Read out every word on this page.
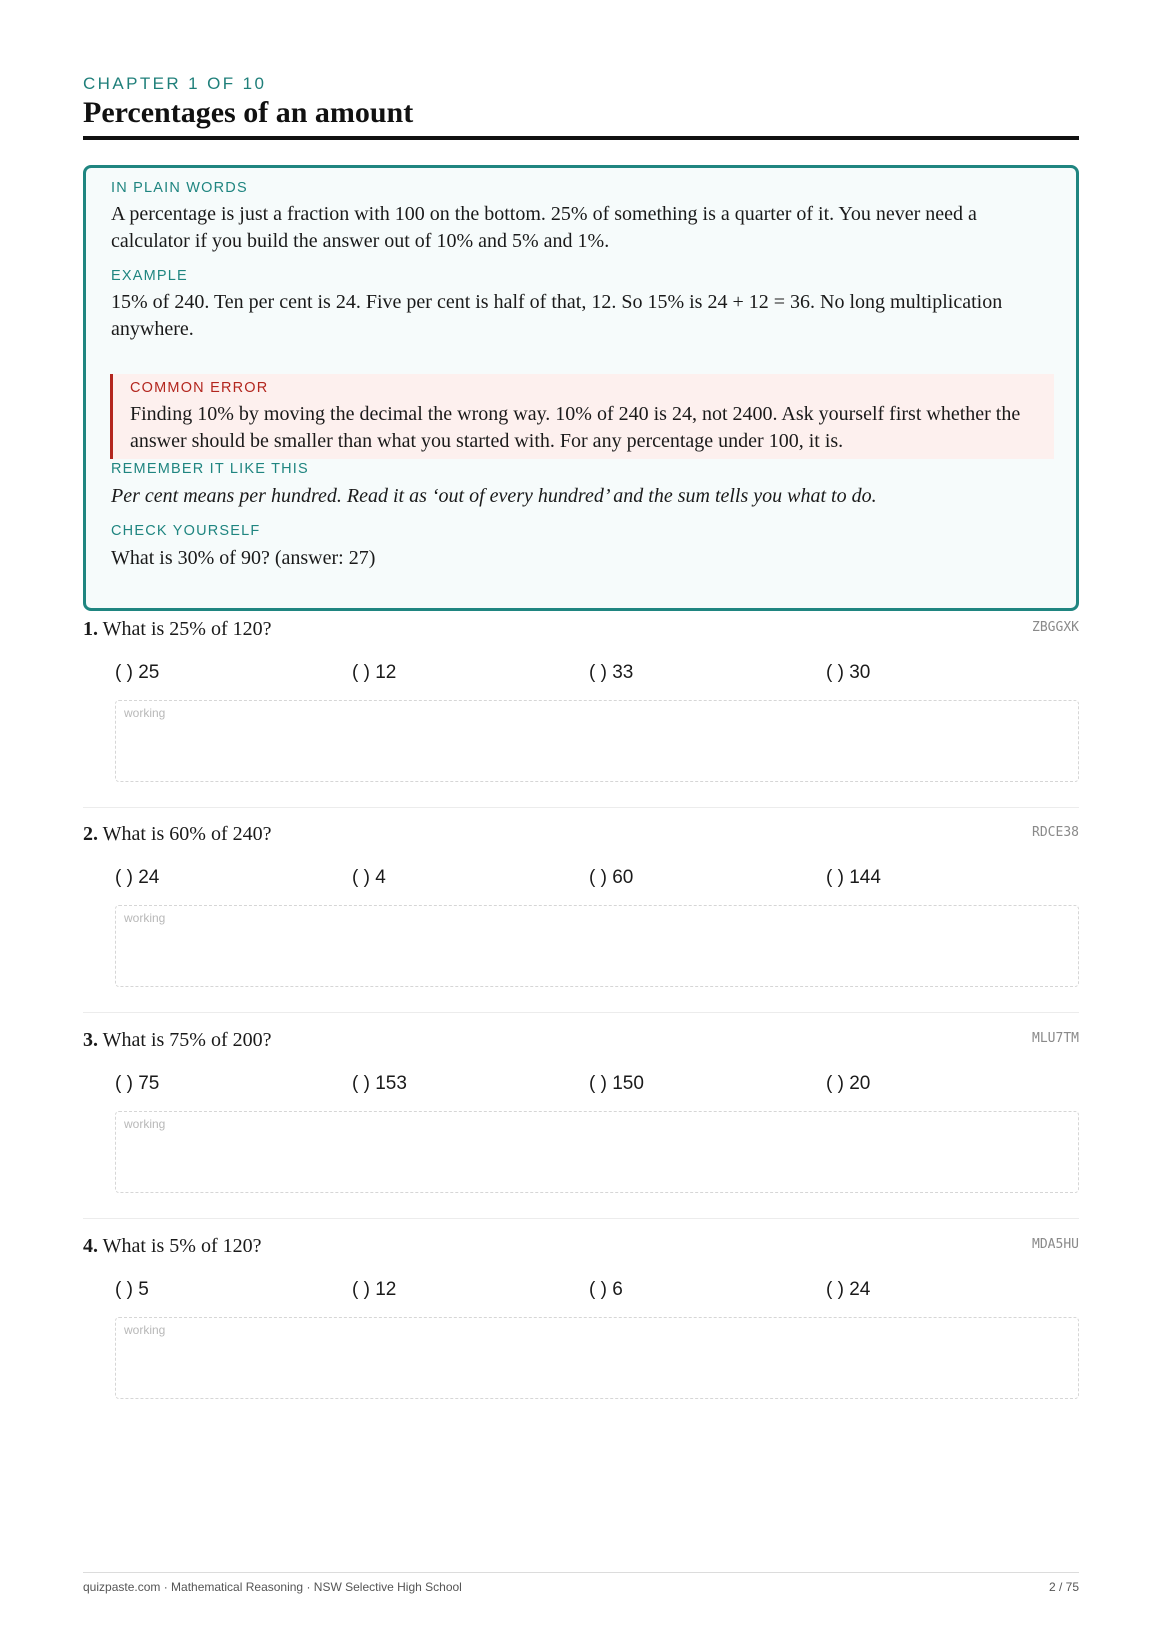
CHAPTER 1 OF 10
Percentages of an amount
IN PLAIN WORDS
A percentage is just a fraction with 100 on the bottom. 25% of something is a quarter of it. You never need a calculator if you build the answer out of 10% and 5% and 1%.
EXAMPLE
15% of 240. Ten per cent is 24. Five per cent is half of that, 12. So 15% is 24 + 12 = 36. No long multiplication anywhere.
COMMON ERROR
Finding 10% by moving the decimal the wrong way. 10% of 240 is 24, not 2400. Ask yourself first whether the answer should be smaller than what you started with. For any percentage under 100, it is.
REMEMBER IT LIKE THIS
Per cent means per hundred. Read it as ‘out of every hundred’ and the sum tells you what to do.
CHECK YOURSELF
What is 30% of 90? (answer: 27)
1. What is 25% of 120?	ZBGGXK
( ) 25	( ) 12	( ) 33	( ) 30
working
2. What is 60% of 240?	RDCE38
( ) 24	( ) 4	( ) 60	( ) 144
working
3. What is 75% of 200?	MLU7TM
( ) 75	( ) 153	( ) 150	( ) 20
working
4. What is 5% of 120?	MDA5HU
( ) 5	( ) 12	( ) 6	( ) 24
working
quizpaste.com · Mathematical Reasoning · NSW Selective High School	2 / 75
